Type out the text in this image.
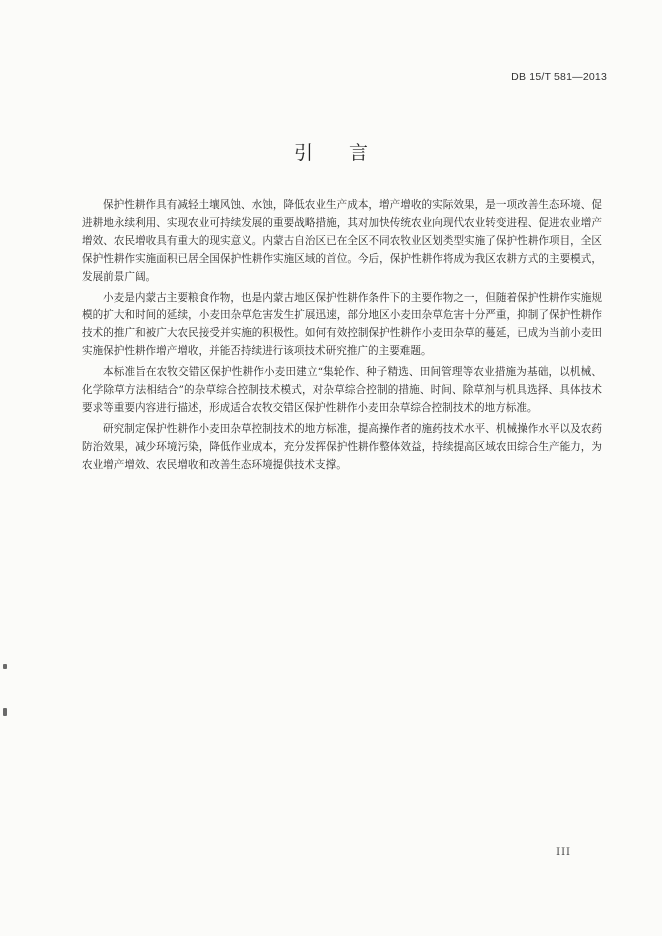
DB 15/T 581—2013
引言

保护性耕作具有减轻土壤风蚀、水蚀，降低农业生产成本，增产增收的实际效果，是一项改善生态环境、促进耕地永续利用、实现农业可持续发展的重要战略措施，其对加快传统农业向现代农业转变进程、促进农业增产增效、农民增收具有重大的现实意义。内蒙古自治区已在全区不同农牧业区划类型实施了保护性耕作项目，全区保护性耕作实施面积已居全国保护性耕作实施区域的首位。今后，保护性耕作将成为我区农耕方式的主要模式，发展前景广阔。

小麦是内蒙古主要粮食作物，也是内蒙古地区保护性耕作条件下的主要作物之一，但随着保护性耕作实施规模的扩大和时间的延续，小麦田杂草危害发生扩展迅速，部分地区小麦田杂草危害十分严重，抑制了保护性耕作技术的推广和被广大农民接受并实施的积极性。如何有效控制保护性耕作小麦田杂草的蔓延，已成为当前小麦田实施保护性耕作增产增收，并能否持续进行该项技术研究推广的主要难题。

本标准旨在农牧交错区保护性耕作小麦田建立“集轮作、种子精选、田间管理等农业措施为基础，以机械、化学除草方法相结合”的杂草综合控制技术模式，对杂草综合控制的措施、时间、除草剂与机具选择、具体技术要求等重要内容进行描述，形成适合农牧交错区保护性耕作小麦田杂草综合控制技术的地方标准。

研究制定保护性耕作小麦田杂草控制技术的地方标准，提高操作者的施药技术水平、机械操作水平以及农药防治效果，减少环境污染，降低作业成本，充分发挥保护性耕作整体效益，持续提高区域农田综合生产能力，为农业增产增效、农民增收和改善生态环境提供技术支撑。

III
